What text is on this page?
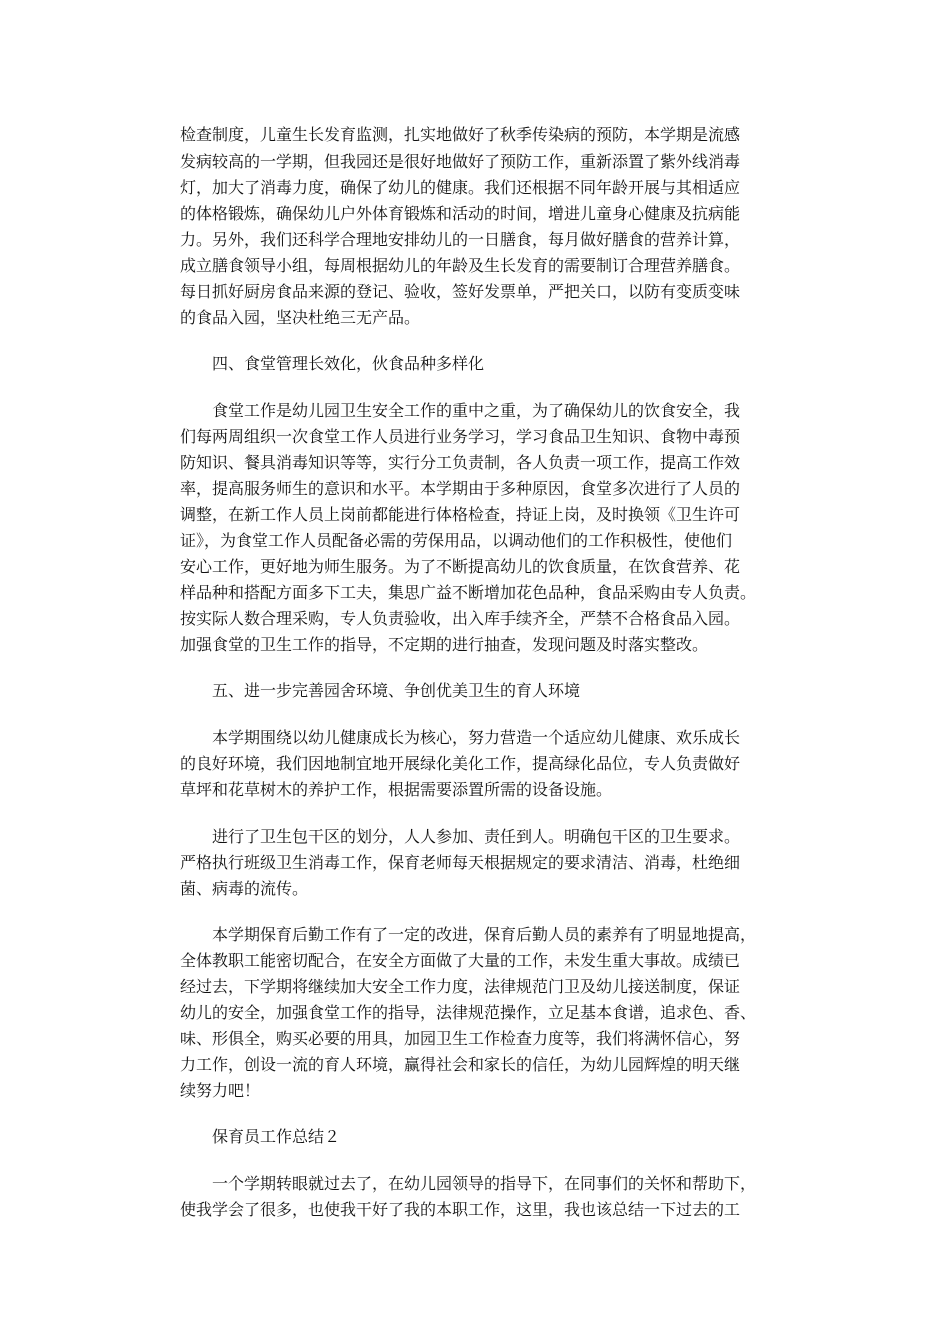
检查制度，儿童生长发育监测，扎实地做好了秋季传染病的预防，本学期是流感
发病较高的一学期，但我园还是很好地做好了预防工作，重新添置了紫外线消毒
灯，加大了消毒力度，确保了幼儿的健康。我们还根据不同年龄开展与其相适应
的体格锻炼，确保幼儿户外体育锻炼和活动的时间，增进儿童身心健康及抗病能
力。另外，我们还科学合理地安排幼儿的一日膳食，每月做好膳食的营养计算，
成立膳食领导小组，每周根据幼儿的年龄及生长发育的需要制订合理营养膳食。
每日抓好厨房食品来源的登记、验收，签好发票单，严把关口，以防有变质变味
的食品入园，坚决杜绝三无产品。
四、食堂管理长效化，伙食品种多样化
食堂工作是幼儿园卫生安全工作的重中之重，为了确保幼儿的饮食安全，我
们每两周组织一次食堂工作人员进行业务学习，学习食品卫生知识、食物中毒预
防知识、餐具消毒知识等等，实行分工负责制，各人负责一项工作，提高工作效
率，提高服务师生的意识和水平。本学期由于多种原因，食堂多次进行了人员的
调整，在新工作人员上岗前都能进行体格检查，持证上岗，及时换领《卫生许可
证》，为食堂工作人员配备必需的劳保用品，以调动他们的工作积极性，使他们
安心工作，更好地为师生服务。为了不断提高幼儿的饮食质量，在饮食营养、花
样品种和搭配方面多下工夫，集思广益不断增加花色品种，食品采购由专人负责。
按实际人数合理采购，专人负责验收，出入库手续齐全，严禁不合格食品入园。
加强食堂的卫生工作的指导，不定期的进行抽查，发现问题及时落实整改。
五、进一步完善园舍环境、争创优美卫生的育人环境
本学期围绕以幼儿健康成长为核心，努力营造一个适应幼儿健康、欢乐成长
的良好环境，我们因地制宜地开展绿化美化工作，提高绿化品位，专人负责做好
草坪和花草树木的养护工作，根据需要添置所需的设备设施。
进行了卫生包干区的划分，人人参加、责任到人。明确包干区的卫生要求。
严格执行班级卫生消毒工作，保育老师每天根据规定的要求清洁、消毒，杜绝细
菌、病毒的流传。
本学期保育后勤工作有了一定的改进，保育后勤人员的素养有了明显地提高，
全体教职工能密切配合，在安全方面做了大量的工作，未发生重大事故。成绩已
经过去，下学期将继续加大安全工作力度，法律规范门卫及幼儿接送制度，保证
幼儿的安全，加强食堂工作的指导，法律规范操作，立足基本食谱，追求色、香、
味、形俱全，购买必要的用具，加园卫生工作检查力度等，我们将满怀信心，努
力工作，创设一流的育人环境，赢得社会和家长的信任，为幼儿园辉煌的明天继
续努力吧！
保育员工作总结２
一个学期转眼就过去了，在幼儿园领导的指导下，在同事们的关怀和帮助下，
使我学会了很多，也使我干好了我的本职工作，这里，我也该总结一下过去的工
